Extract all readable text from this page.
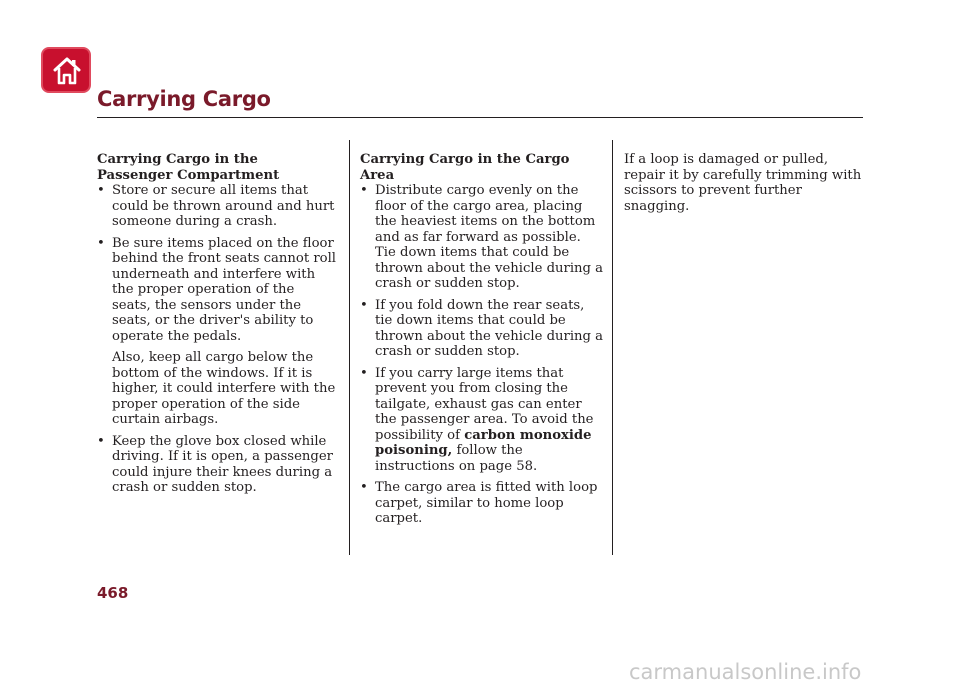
Carrying Cargo

Carrying Cargo in the Passenger Compartment

• Store or secure all items that could be thrown around and hurt someone during a crash.
• Be sure items placed on the floor behind the front seats cannot roll underneath and interfere with the proper operation of the seats, the sensors under the seats, or the driver's ability to operate the pedals.

Also, keep all cargo below the bottom of the windows. If it is higher, it could interfere with the proper operation of the side curtain airbags.

• Keep the glove box closed while driving. If it is open, a passenger could injure their knees during a crash or sudden stop.

Carrying Cargo in the Cargo Area

• Distribute cargo evenly on the floor of the cargo area, placing the heaviest items on the bottom and as far forward as possible. Tie down items that could be thrown about the vehicle during a crash or sudden stop.
• If you fold down the rear seats, tie down items that could be thrown about the vehicle during a crash or sudden stop.
• If you carry large items that prevent you from closing the tailgate, exhaust gas can enter the passenger area. To avoid the possibility of carbon monoxide poisoning, follow the instructions on page 58.
• The cargo area is fitted with loop carpet, similar to home loop carpet.

If a loop is damaged or pulled, repair it by carefully trimming with scissors to prevent further snagging.

468

carmanualsonline.info
